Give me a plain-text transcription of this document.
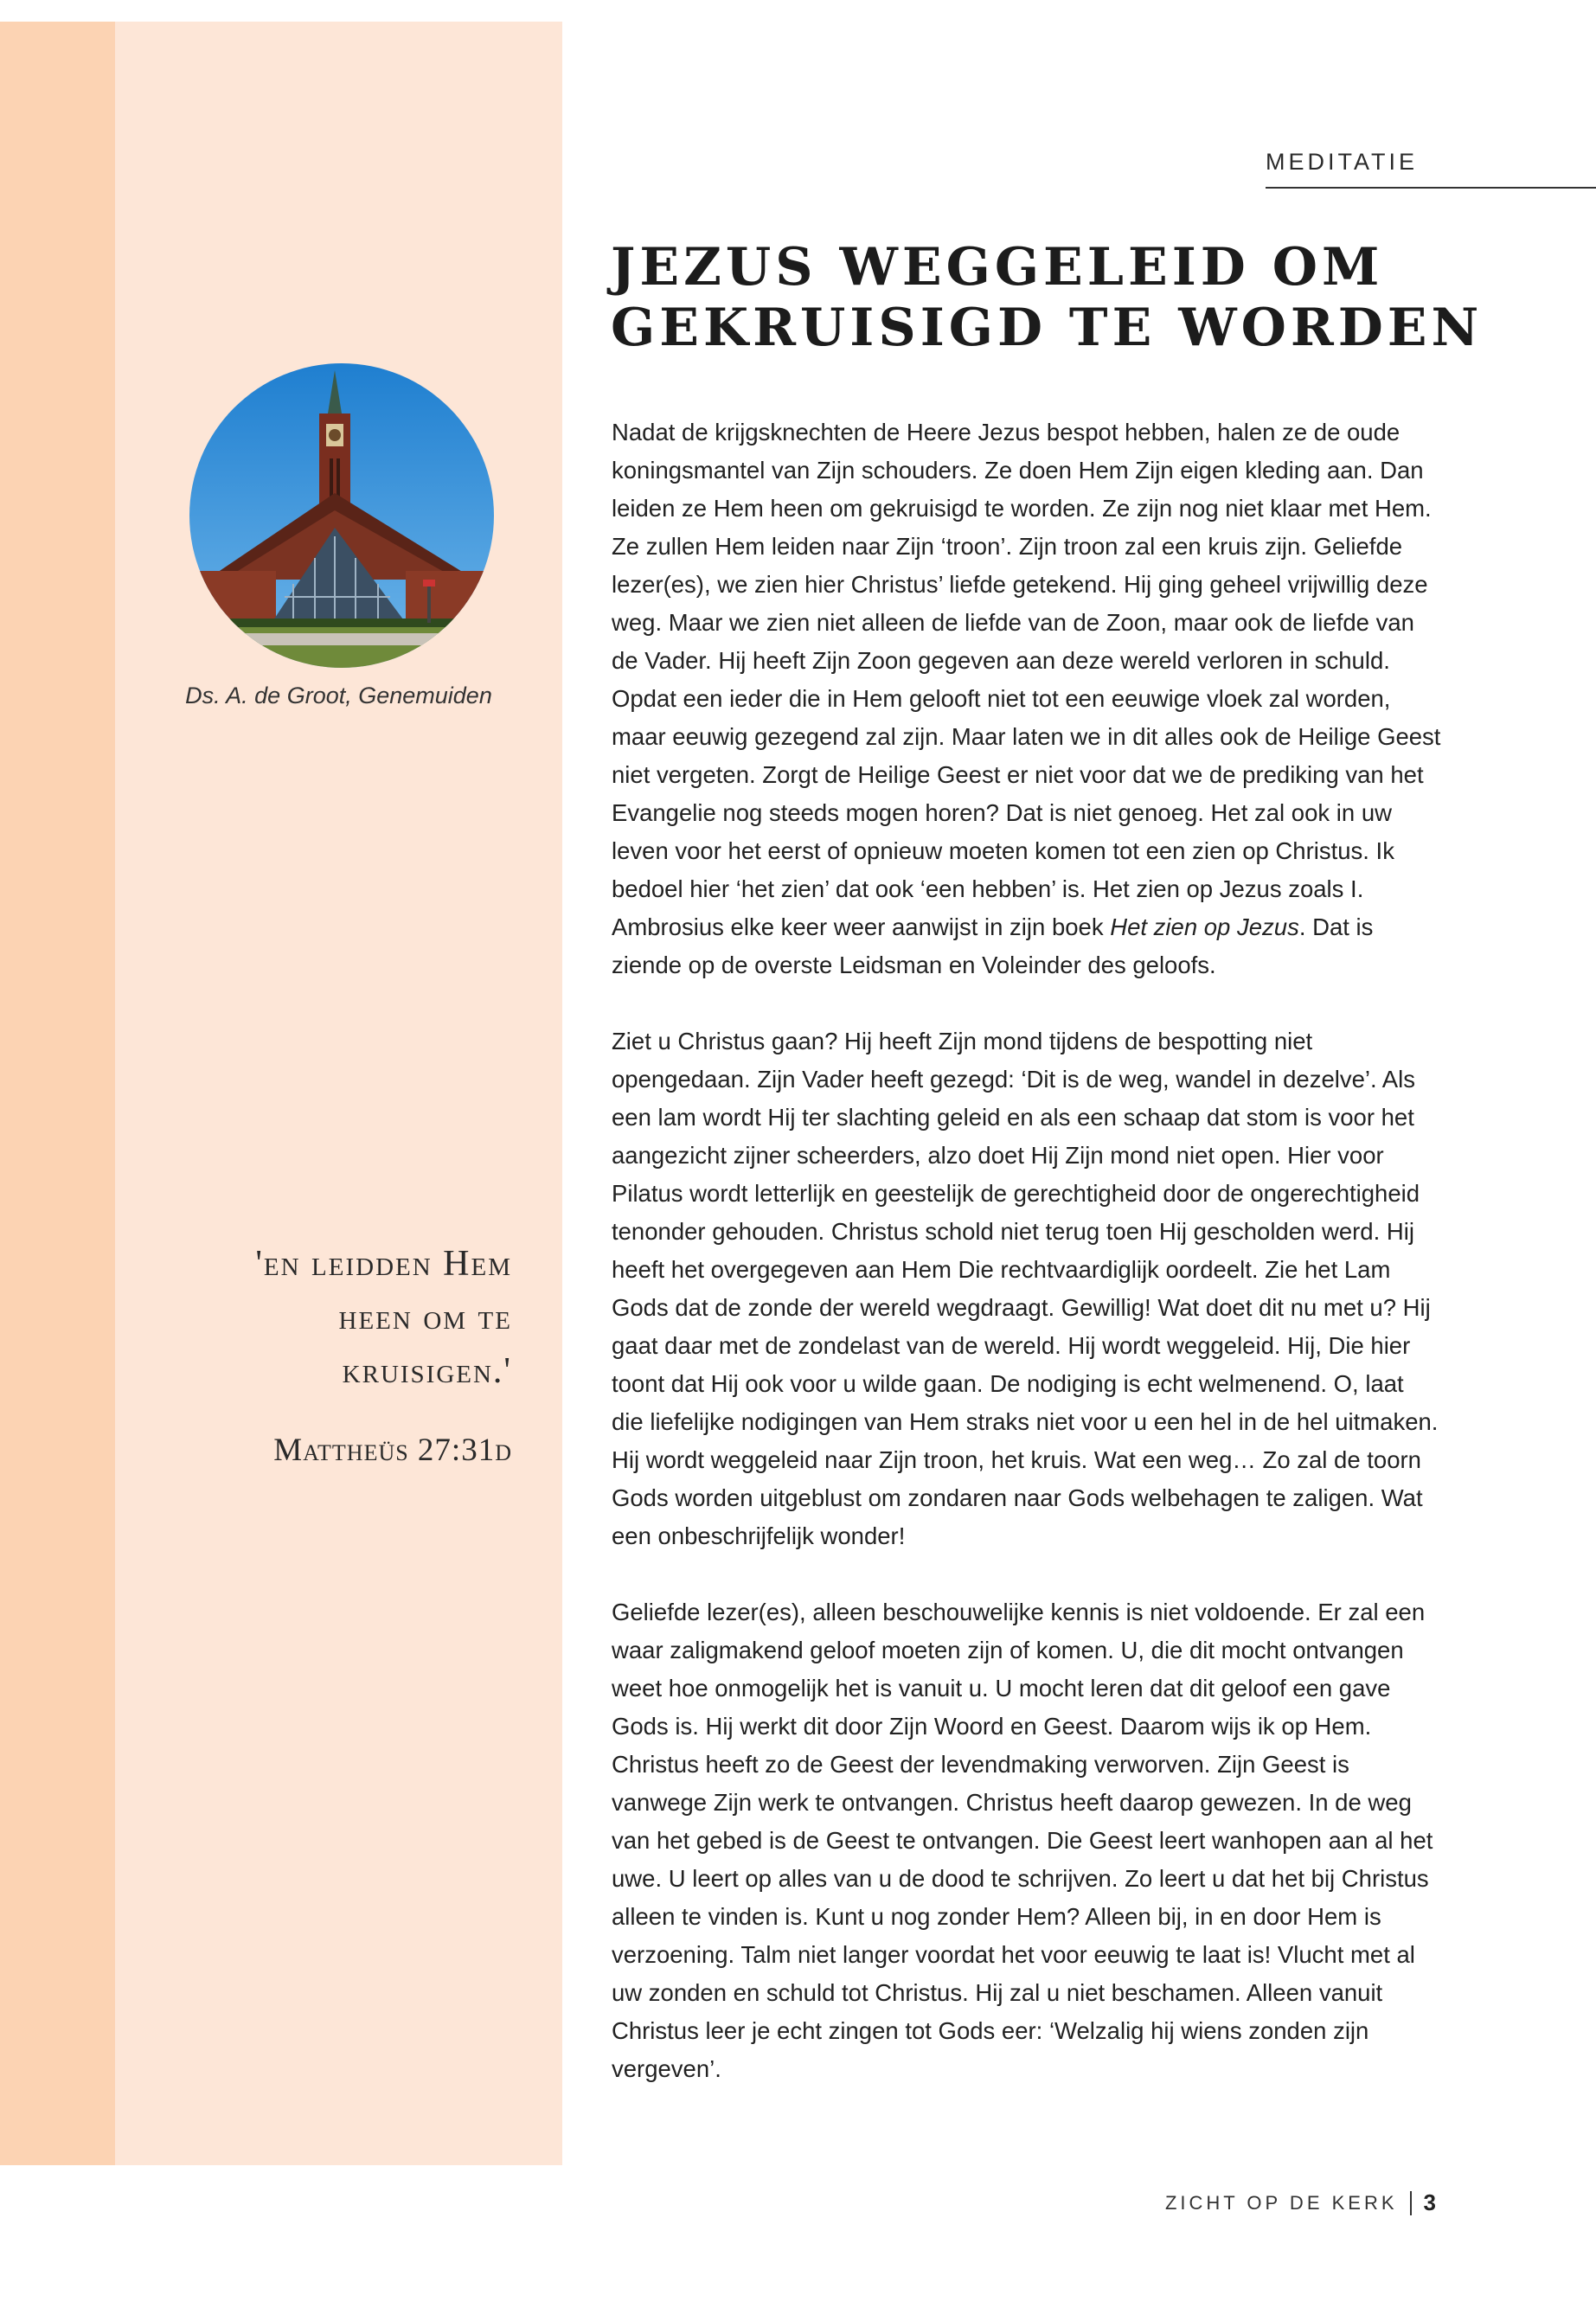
MEDITATIE
JEZUS WEGGELEID OM GEKRUISIGD TE WORDEN
Ds. A. de Groot, Genemuiden

'en leidden Hem heen om te kruisigen.'

Mattheüs 27:31d

Nadat de krijgsknechten de Heere Jezus bespot hebben, halen ze de oude koningsmantel van Zijn schouders. Ze doen Hem Zijn eigen kleding aan. Dan leiden ze Hem heen om gekruisigd te worden. Ze zijn nog niet klaar met Hem. Ze zullen Hem leiden naar Zijn ‘troon’. Zijn troon zal een kruis zijn. Geliefde lezer(es), we zien hier Christus’ liefde getekend. Hij ging geheel vrijwillig deze weg. Maar we zien niet alleen de liefde van de Zoon, maar ook de liefde van de Vader. Hij heeft Zijn Zoon gegeven aan deze wereld verloren in schuld. Opdat een ieder die in Hem gelooft niet tot een eeuwige vloek zal worden, maar eeuwig gezegend zal zijn. Maar laten we in dit alles ook de Heilige Geest niet vergeten. Zorgt de Heilige Geest er niet voor dat we de prediking van het Evangelie nog steeds mogen horen? Dat is niet genoeg. Het zal ook in uw leven voor het eerst of opnieuw moeten komen tot een zien op Christus. Ik bedoel hier ‘het zien’ dat ook ‘een hebben’ is. Het zien op Jezus zoals I. Ambrosius elke keer weer aanwijst in zijn boek Het zien op Jezus. Dat is ziende op de overste Leidsman en Voleinder des geloofs.

Ziet u Christus gaan? Hij heeft Zijn mond tijdens de bespotting niet opengedaan. Zijn Vader heeft gezegd: ‘Dit is de weg, wandel in dezelve’. Als een lam wordt Hij ter slachting geleid en als een schaap dat stom is voor het aangezicht zijner scheerders, alzo doet Hij Zijn mond niet open. Hier voor Pilatus wordt letterlijk en geestelijk de gerechtigheid door de ongerechtigheid tenonder gehouden. Christus schold niet terug toen Hij gescholden werd. Hij heeft het overgegeven aan Hem Die rechtvaardiglijk oordeelt. Zie het Lam Gods dat de zonde der wereld wegdraagt. Gewillig! Wat doet dit nu met u? Hij gaat daar met de zondelast van de wereld. Hij wordt weggeleid. Hij, Die hier toont dat Hij ook voor u wilde gaan. De nodiging is echt welmenend. O, laat die liefelijke nodigingen van Hem straks niet voor u een hel in de hel uitmaken. Hij wordt weggeleid naar Zijn troon, het kruis. Wat een weg… Zo zal de toorn Gods worden uitgeblust om zondaren naar Gods welbehagen te zaligen. Wat een onbeschrijfelijk wonder!

Geliefde lezer(es), alleen beschouwelijke kennis is niet voldoende. Er zal een waar zaligmakend geloof moeten zijn of komen. U, die dit mocht ontvangen weet hoe onmogelijk het is vanuit u. U mocht leren dat dit geloof een gave Gods is. Hij werkt dit door Zijn Woord en Geest. Daarom wijs ik op Hem. Christus heeft zo de Geest der levendmaking verworven. Zijn Geest is vanwege Zijn werk te ontvangen. Christus heeft daarop gewezen. In de weg van het gebed is de Geest te ontvangen. Die Geest leert wanhopen aan al het uwe. U leert op alles van u de dood te schrijven. Zo leert u dat het bij Christus alleen te vinden is. Kunt u nog zonder Hem? Alleen bij, in en door Hem is verzoening. Talm niet langer voordat het voor eeuwig te laat is! Vlucht met al uw zonden en schuld tot Christus. Hij zal u niet beschamen. Alleen vanuit Christus leer je echt zingen tot Gods eer: ‘Welzalig hij wiens zonden zijn vergeven’.

ZICHT OP DE KERK 3
